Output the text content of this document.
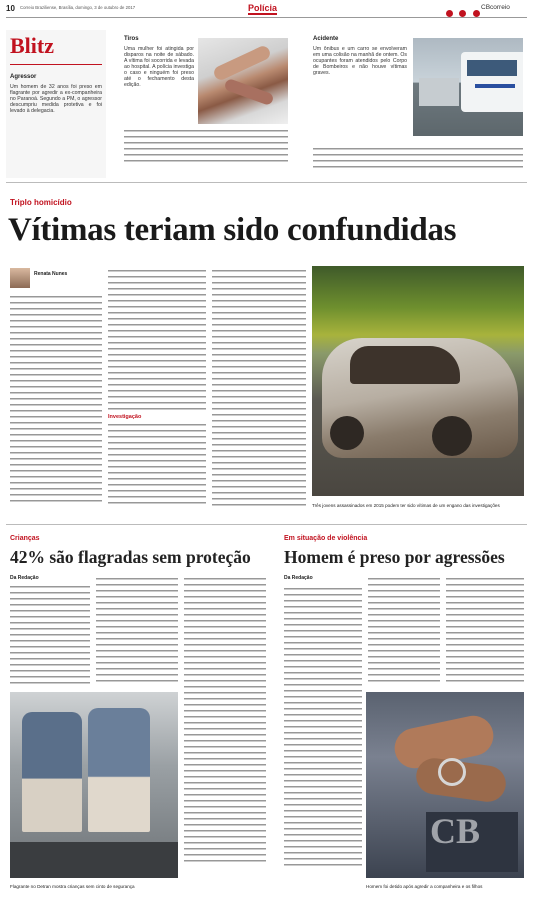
10 Correio Braziliense, Brasília, domingo, 3 de outubro de 2017	Polícia
	CBcorreio
Blitz
Agressor
Um homem de 32 anos foi preso em flagrante por agredir a ex-companheira no Paranoá. Segundo a PM, o agressor descumpriu medida protetiva e foi levado à delegacia.
Tiros
Uma mulher foi atingida por disparos na noite de sábado. A vítima foi socorrida e levada ao hospital. A polícia investiga o caso e ninguém foi preso até o fechamento desta edição.
Acidente
Um ônibus e um carro se envolveram em uma colisão na manhã de ontem. Os ocupantes foram atendidos pelo Corpo de Bombeiros e não houve vítimas graves.
Triplo homicídio
Vítimas teriam sido confundidas
Renata Nunes
Investigação
Três jovens assassinados em 2015 podem ter sido vítimas de um engano das investigações
Crianças
42% são flagradas sem proteção
Da Redação
Flagrante no Detran mostra crianças sem cinto de segurança
Em situação de violência
Homem é preso por agressões
Da Redação
CB
Homem foi detido após agredir a companheira e os filhos
